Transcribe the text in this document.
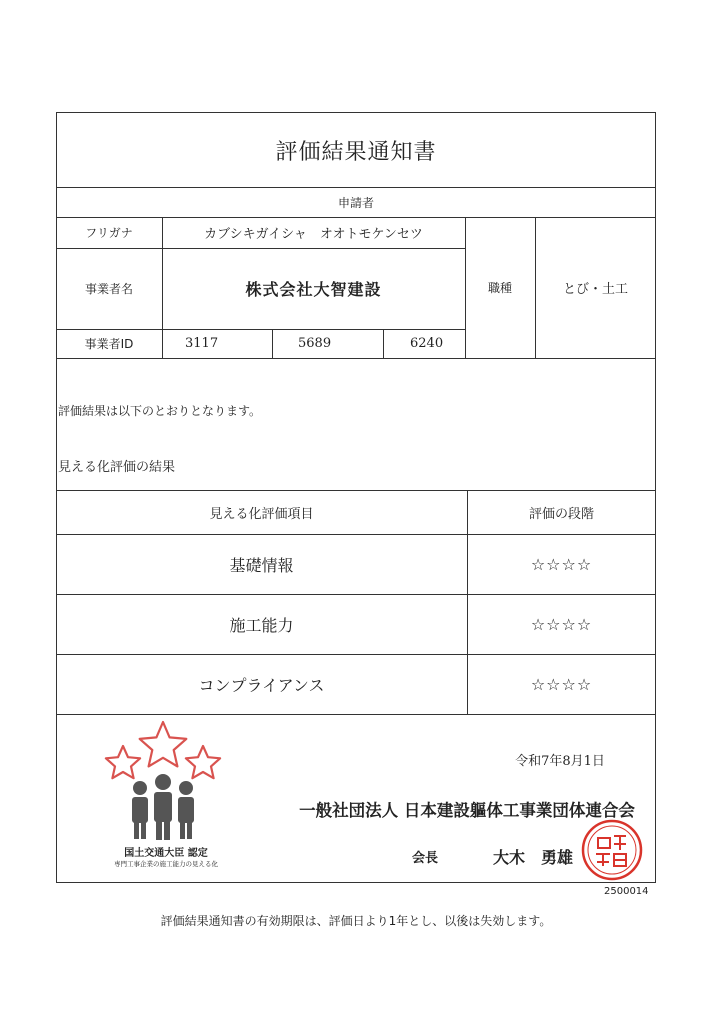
評価結果通知書
申請者
フリガナ	カブシキガイシャ　オオトモケンセツ
事業者名	株式会社大智建設
事業者ID	3117	5689	6240
職種	とび・土工
評価結果は以下のとおりとなります。
見える化評価の結果
見える化評価項目	評価の段階
基礎情報	☆☆☆☆
施工能力	☆☆☆☆
コンプライアンス	☆☆☆☆
国土交通大臣 認定
専門工事企業の施工能力の見える化
令和7年8月1日
一般社団法人 日本建設軀体工事業団体連合会
会長	大木　勇雄
2500014
評価結果通知書の有効期限は、評価日より1年とし、以後は失効します。
